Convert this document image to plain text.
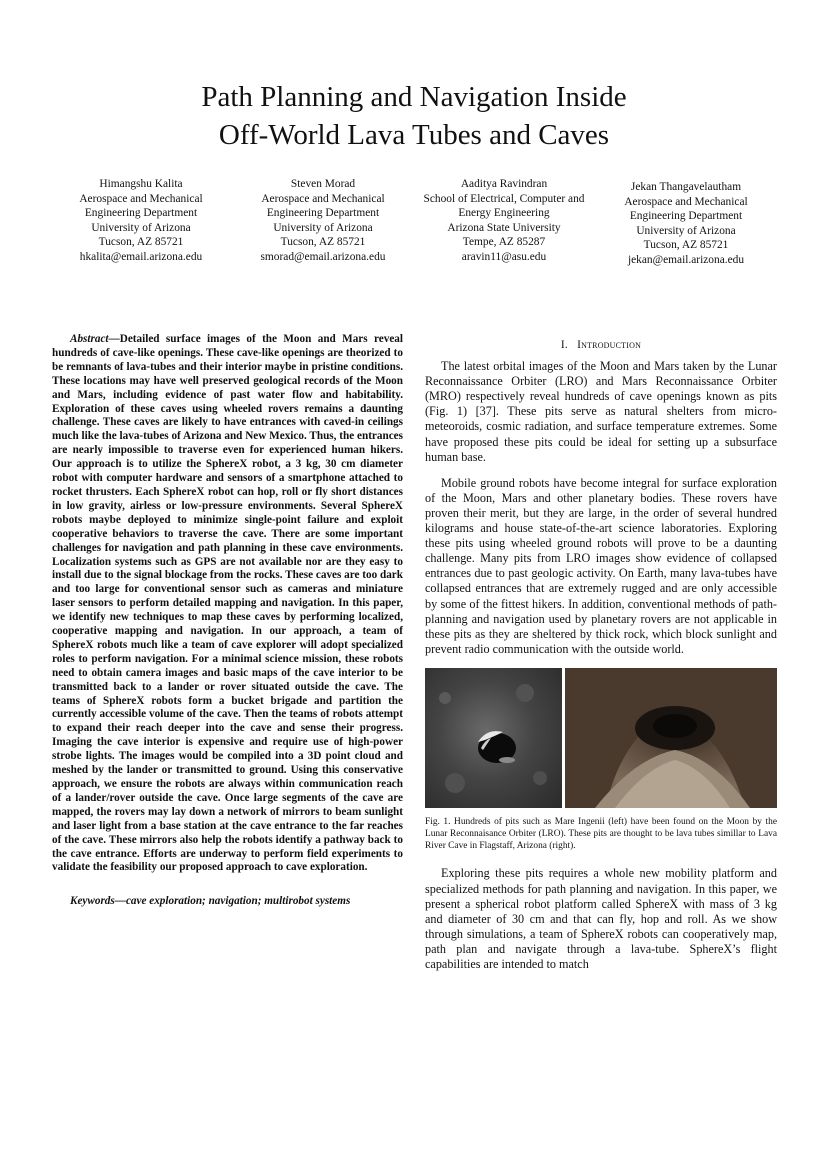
Path Planning and Navigation Inside
Off-World Lava Tubes and Caves
Himangshu Kalita
Aerospace and Mechanical
Engineering Department
University of Arizona
Tucson, AZ 85721
hkalita@email.arizona.edu
Steven Morad
Aerospace and Mechanical
Engineering Department
University of Arizona
Tucson, AZ 85721
smorad@email.arizona.edu
Aaditya Ravindran
School of Electrical, Computer and
Energy Engineering
Arizona State University
Tempe, AZ 85287
aravin11@asu.edu
Jekan Thangavelautham
Aerospace and Mechanical
Engineering Department
University of Arizona
Tucson, AZ 85721
jekan@email.arizona.edu

Abstract—Detailed surface images of the Moon and Mars reveal hundreds of cave-like openings. These cave-like openings are theorized to be remnants of lava-tubes and their interior maybe in pristine conditions. These locations may have well preserved geological records of the Moon and Mars, including evidence of past water flow and habitability. Exploration of these caves using wheeled rovers remains a daunting challenge. These caves are likely to have entrances with caved-in ceilings much like the lava-tubes of Arizona and New Mexico. Thus, the entrances are nearly impossible to traverse even for experienced human hikers. Our approach is to utilize the SphereX robot, a 3 kg, 30 cm diameter robot with computer hardware and sensors of a smartphone attached to rocket thrusters. Each SphereX robot can hop, roll or fly short distances in low gravity, airless or low-pressure environments. Several SphereX robots maybe deployed to minimize single-point failure and exploit cooperative behaviors to traverse the cave. There are some important challenges for navigation and path planning in these cave environments. Localization systems such as GPS are not available nor are they easy to install due to the signal blockage from the rocks. These caves are too dark and too large for conventional sensor such as cameras and miniature laser sensors to perform detailed mapping and navigation. In this paper, we identify new techniques to map these caves by performing localized, cooperative mapping and navigation. In our approach, a team of SphereX robots much like a team of cave explorer will adopt specialized roles to perform navigation. For a minimal science mission, these robots need to obtain camera images and basic maps of the cave interior to be transmitted back to a lander or rover situated outside the cave. The teams of SphereX robots form a bucket brigade and partition the currently accessible volume of the cave. Then the teams of robots attempt to expand their reach deeper into the cave and sense their progress. Imaging the cave interior is expensive and require use of high-power strobe lights. The images would be compiled into a 3D point cloud and meshed by the lander or transmitted to ground. Using this conservative approach, we ensure the robots are always within communication reach of a lander/rover outside the cave. Once large segments of the cave are mapped, the rovers may lay down a network of mirrors to beam sunlight and laser light from a base station at the cave entrance to the far reaches of the cave. These mirrors also help the robots identify a pathway back to the cave entrance. Efforts are underway to perform field experiments to validate the feasibility our proposed approach to cave exploration.

Keywords—cave exploration; navigation; multirobot systems

I. Introduction

The latest orbital images of the Moon and Mars taken by the Lunar Reconnaissance Orbiter (LRO) and Mars Reconnaissance Orbiter (MRO) respectively reveal hundreds of cave openings known as pits (Fig. 1) [37]. These pits serve as natural shelters from micro-meteoroids, cosmic radiation, and surface temperature extremes. Some have proposed these pits could be ideal for setting up a subsurface human base.

Mobile ground robots have become integral for surface exploration of the Moon, Mars and other planetary bodies. These rovers have proven their merit, but they are large, in the order of several hundred kilograms and house state-of-the-art science laboratories. Exploring these pits using wheeled ground robots will prove to be a daunting challenge. Many pits from LRO images show evidence of collapsed entrances due to past geologic activity. On Earth, many lava-tubes have collapsed entrances that are extremely rugged and are only accessible by some of the fittest hikers. In addition, conventional methods of path-planning and navigation used by planetary rovers are not applicable in these pits as they are sheltered by thick rock, which block sunlight and prevent radio communication with the outside world.

Fig. 1. Hundreds of pits such as Mare Ingenii (left) have been found on the Moon by the Lunar Reconnaisance Orbiter (LRO). These pits are thought to be lava tubes simillar to Lava River Cave in Flagstaff, Arizona (right).

Exploring these pits requires a whole new mobility platform and specialized methods for path planning and navigation. In this paper, we present a spherical robot platform called SphereX with mass of 3 kg and diameter of 30 cm and that can fly, hop and roll. As we show through simulations, a team of SphereX robots can cooperatively map, path plan and navigate through a lava-tube. SphereX’s flight capabilities are intended to match
